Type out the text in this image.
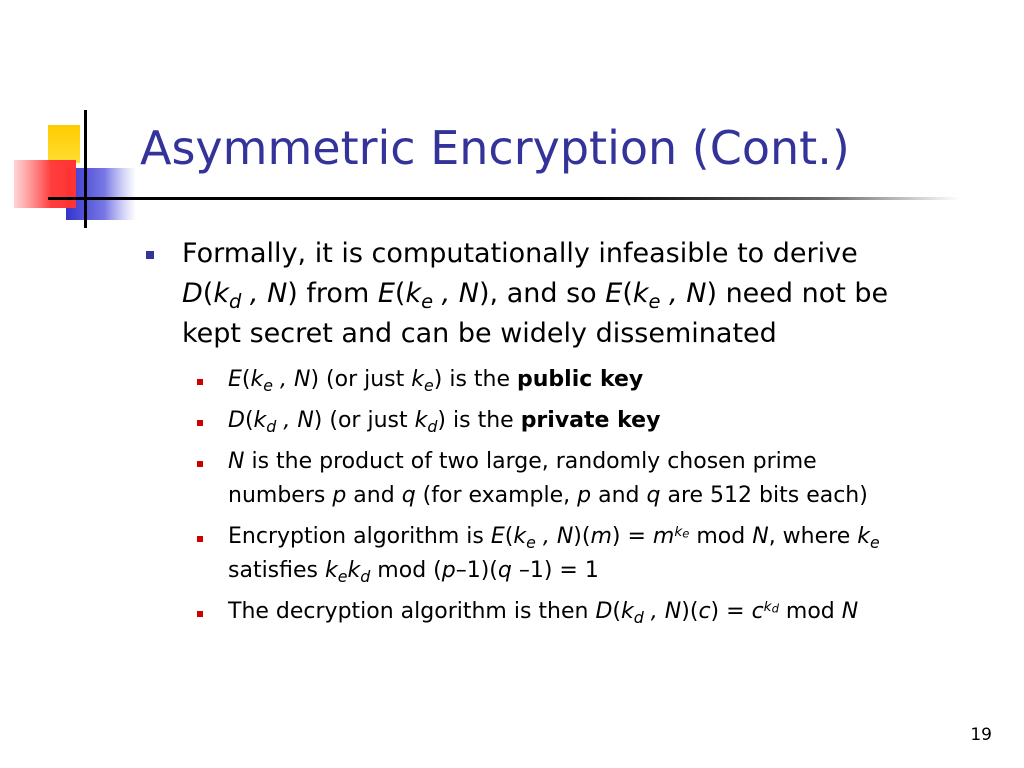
Asymmetric Encryption (Cont.)
Formally, it is computationally infeasible to derive
$D(k_d$ , N) from $E(k_e$ , N), and so $E(k_e$ , N) need not be
kept secret and can be widely disseminated
$E(k_e$ , N) (or just $k_e$) is the public key
$D(k_d$ , N) (or just $k_d$) is the private key
N is the product of two large, randomly chosen prime
numbers p and q (for example, p and q are 512 bits each)
Encryption algorithm is $E(k_e$ , $N)(m) = m^{k_e}$ mod N, where $k_e$
satisfies $k_ek_d$ mod (p–1)(q –1) = 1
The decryption algorithm is then $D(k_d$ , $N)(c) = c^{k_d}$ mod N
19
